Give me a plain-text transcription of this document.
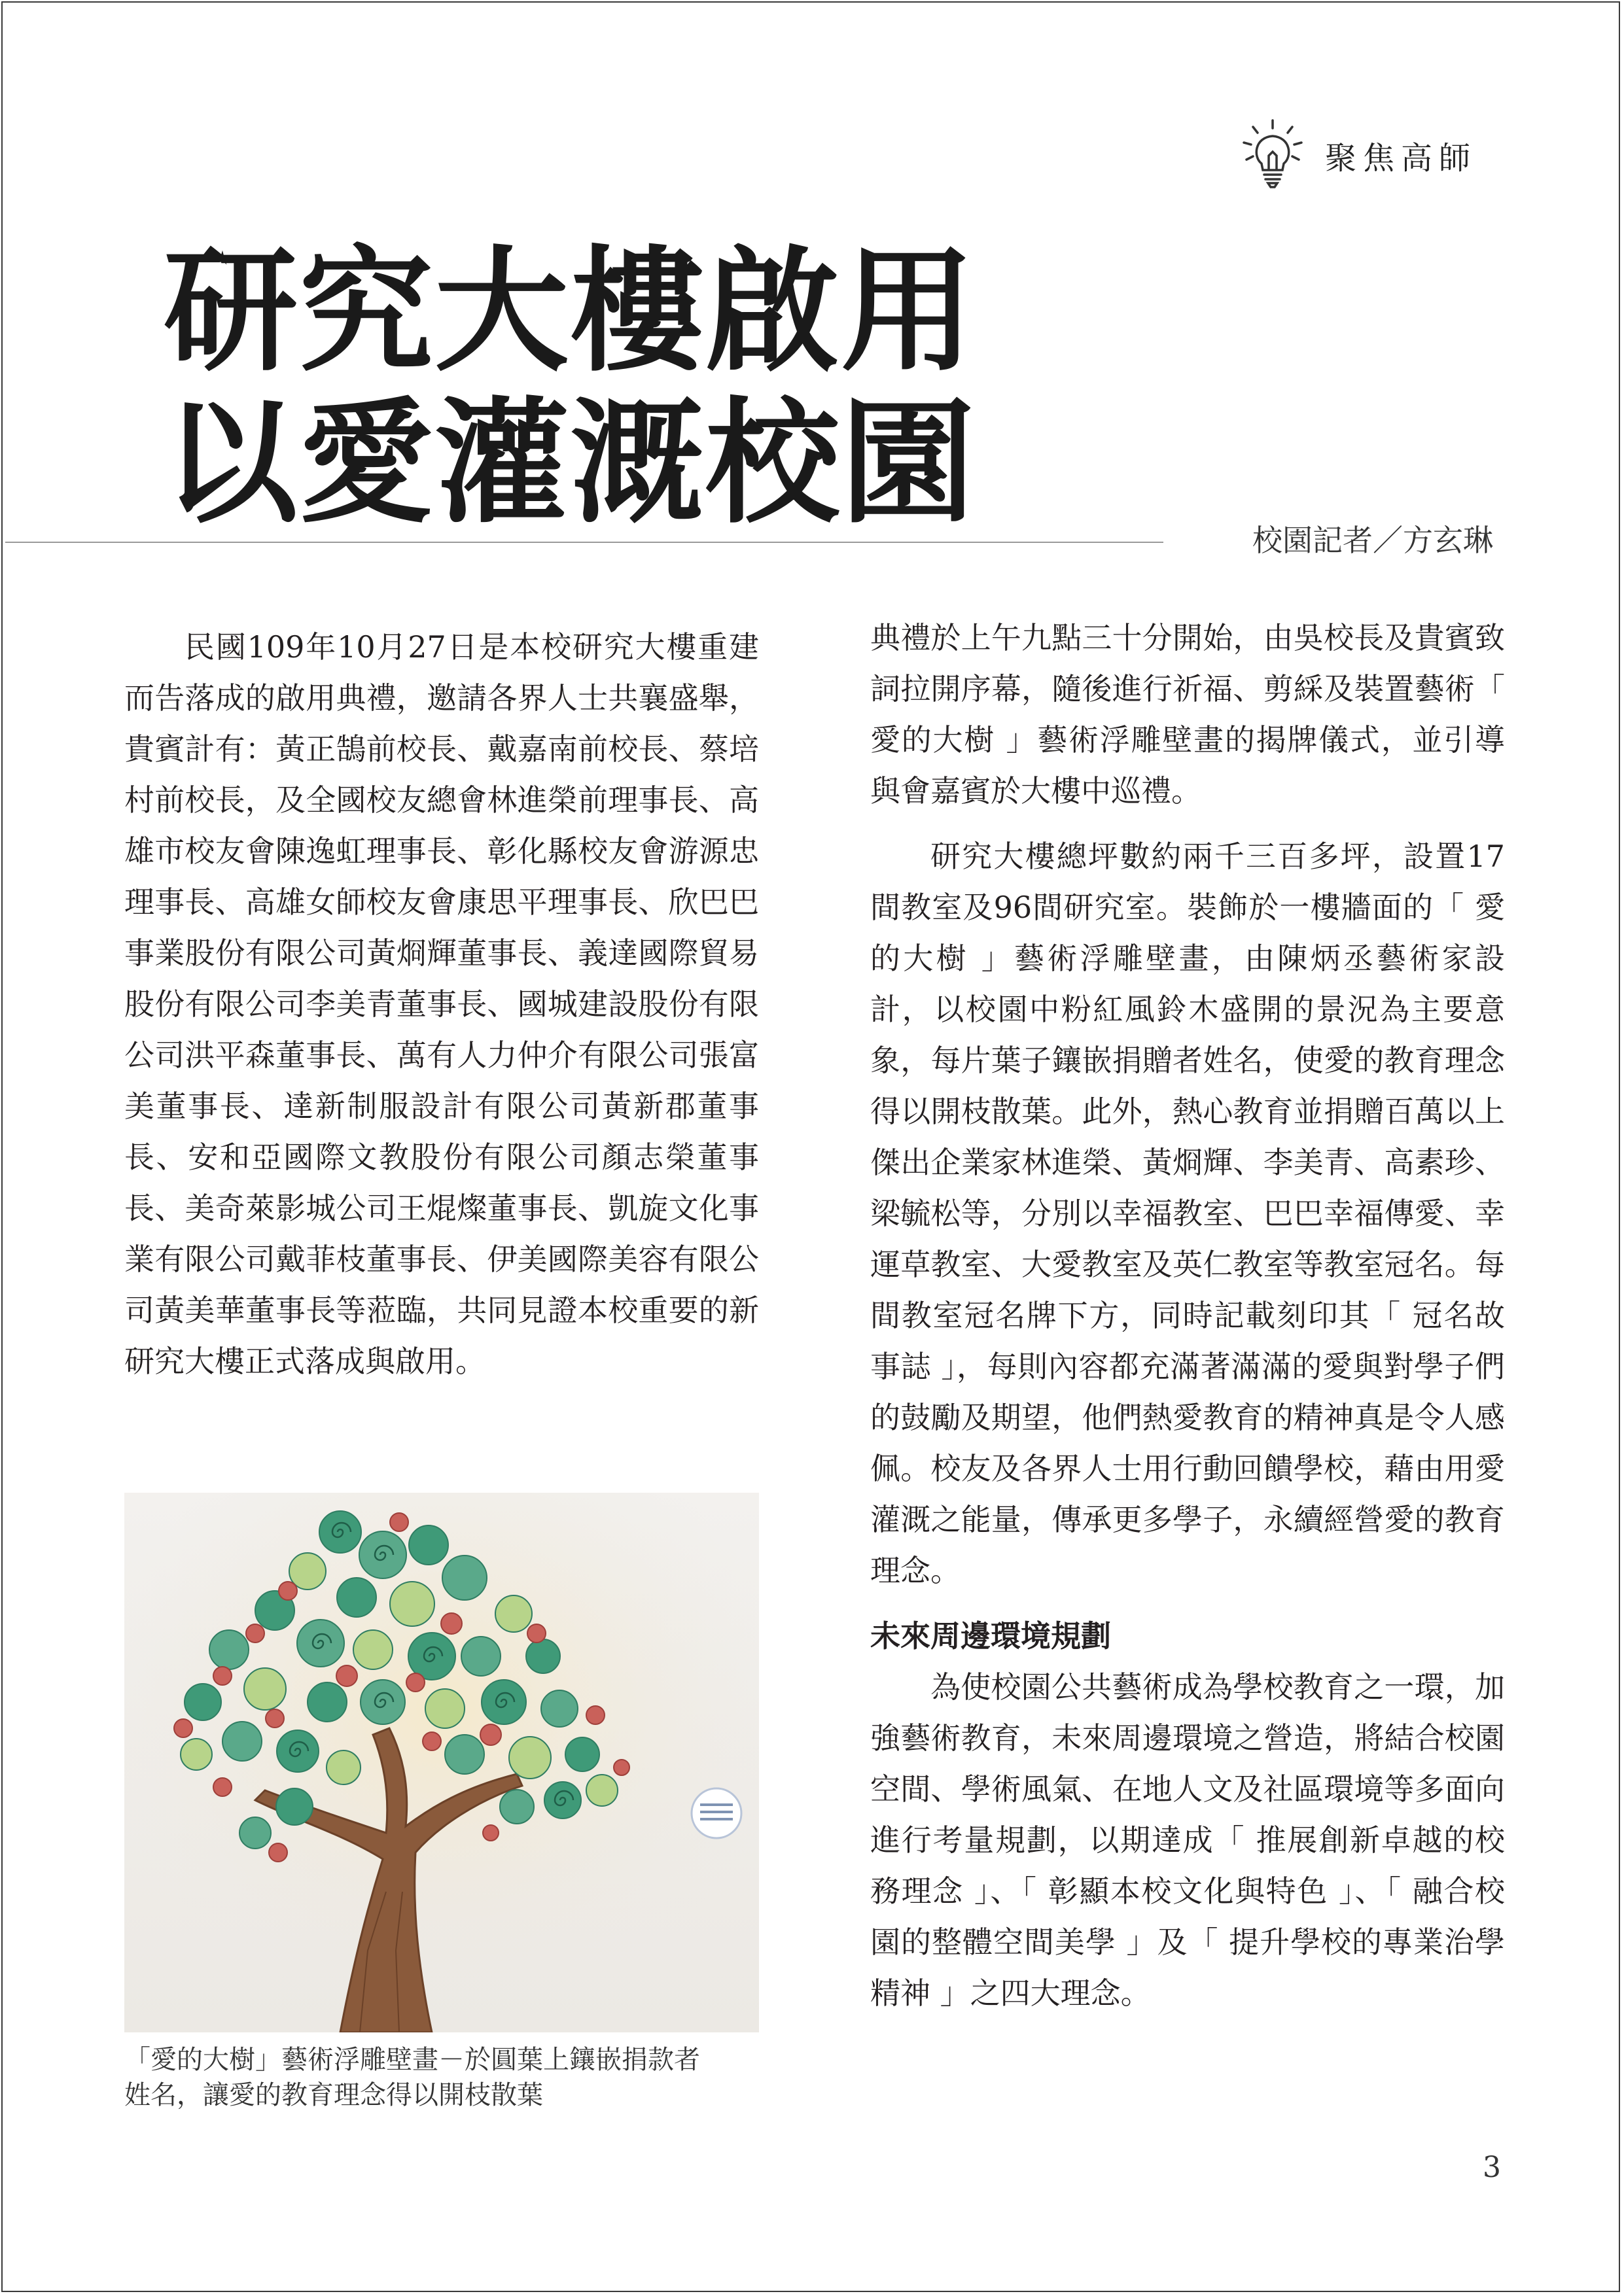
聚焦高師
研究大樓啟用
以愛灌溉校園	校園記者／方玄琳

民國109年10月27日是本校研究大樓重建而告落成的啟用典禮，邀請各界人士共襄盛舉，貴賓計有：黃正鵠前校長、戴嘉南前校長、蔡培村前校長，及全國校友總會林進榮前理事長、高雄市校友會陳逸虹理事長、彰化縣校友會游源忠理事長、高雄女師校友會康思平理事長、欣巴巴事業股份有限公司黃烱輝董事長、義達國際貿易股份有限公司李美青董事長、國城建設股份有限公司洪平森董事長、萬有人力仲介有限公司張富美董事長、達新制服設計有限公司黃新郡董事長、安和亞國際文教股份有限公司顏志榮董事長、美奇萊影城公司王焜燦董事長、凱旋文化事業有限公司戴菲枝董事長、伊美國際美容有限公司黃美華董事長等蒞臨，共同見證本校重要的新研究大樓正式落成與啟用。

「愛的大樹」藝術浮雕壁畫－於圓葉上鑲嵌捐款者
姓名，讓愛的教育理念得以開枝散葉

典禮於上午九點三十分開始，由吳校長及貴賓致詞拉開序幕，隨後進行祈福、剪綵及裝置藝術「 愛的大樹 」藝術浮雕壁畫的揭牌儀式，並引導與會嘉賓於大樓中巡禮。

研究大樓總坪數約兩千三百多坪，設置17間教室及96間研究室。裝飾於一樓牆面的「 愛的大樹 」藝術浮雕壁畫，由陳炳丞藝術家設計，以校園中粉紅風鈴木盛開的景況為主要意象，每片葉子鑲嵌捐贈者姓名，使愛的教育理念得以開枝散葉。此外，熱心教育並捐贈百萬以上傑出企業家林進榮、黃烱輝、李美青、高素珍、梁毓松等，分別以幸福教室、巴巴幸福傳愛、幸運草教室、大愛教室及英仁教室等教室冠名。每間教室冠名牌下方，同時記載刻印其「 冠名故事誌 」，每則內容都充滿著滿滿的愛與對學子們的鼓勵及期望，他們熱愛教育的精神真是令人感佩。校友及各界人士用行動回饋學校，藉由用愛灌溉之能量，傳承更多學子，永續經營愛的教育理念。

未來周邊環境規劃

為使校園公共藝術成為學校教育之一環，加強藝術教育，未來周邊環境之營造，將結合校園空間、學術風氣、在地人文及社區環境等多面向進行考量規劃，以期達成「 推展創新卓越的校務理念 」、「 彰顯本校文化與特色 」、「 融合校園的整體空間美學 」及「 提升學校的專業治學精神 」之四大理念。

3
